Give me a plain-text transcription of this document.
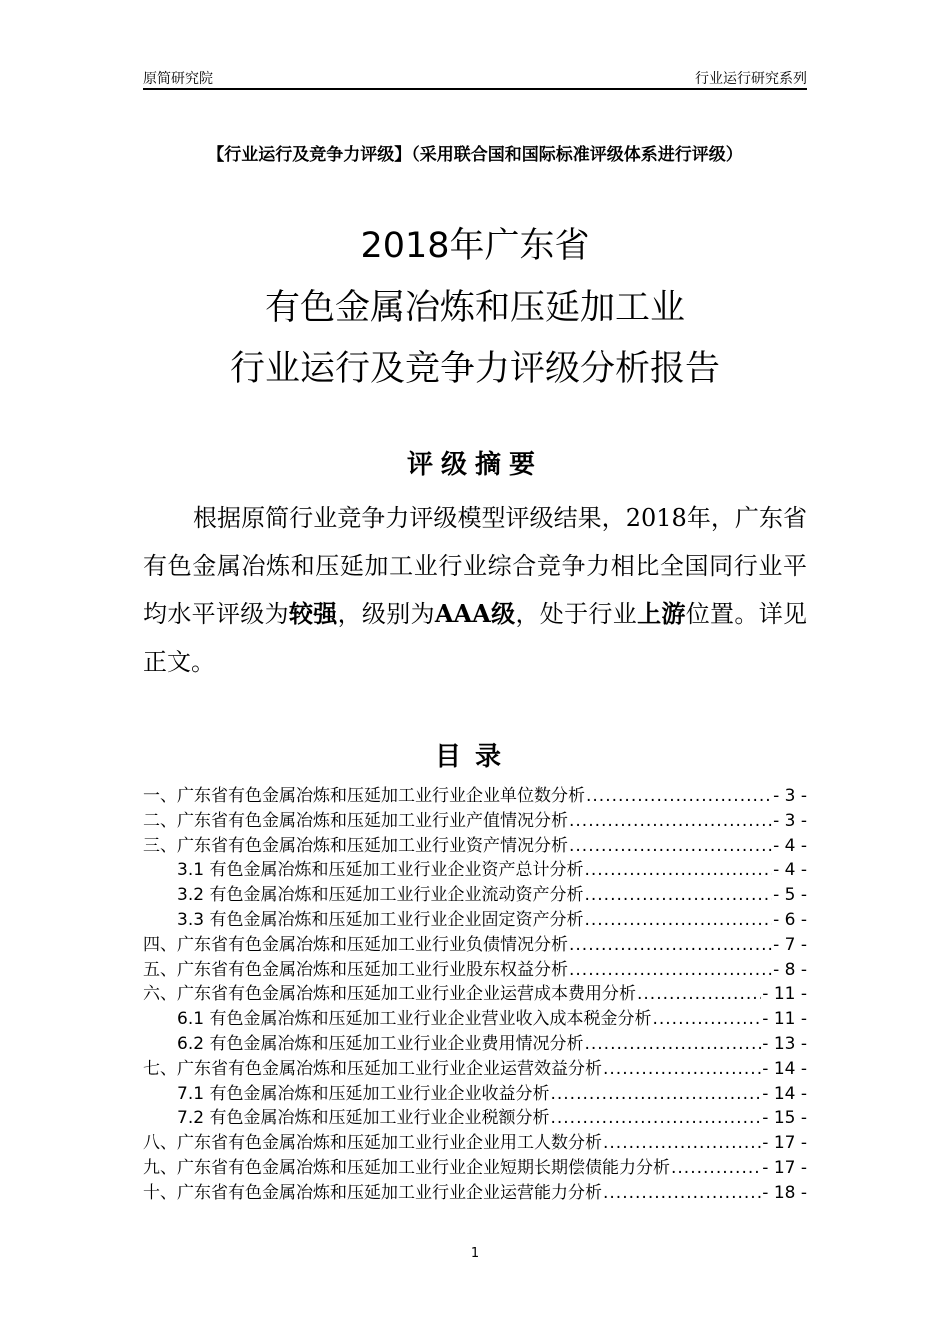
原简研究院	行业运行研究系列
【行业运行及竞争力评级】（采用联合国和国际标准评级体系进行评级）
2018年广东省
有色金属冶炼和压延加工业
行业运行及竞争力评级分析报告
评级摘要
根据原简行业竞争力评级模型评级结果，2018年，广东省有色金属冶炼和压延加工业行业综合竞争力相比全国同行业平均水平评级为较强，级别为AAA级，处于行业上游位置。详见正文。
目录
一、广东省有色金属冶炼和压延加工业行业企业单位数分析 .....	- 3 -
二、广东省有色金属冶炼和压延加工业行业产值情况分析 .....	- 3 -
三、广东省有色金属冶炼和压延加工业行业资产情况分析 .....	- 4 -
3.1 有色金属冶炼和压延加工业行业企业资产总计分析 .....	- 4 -
3.2 有色金属冶炼和压延加工业行业企业流动资产分析 .....	- 5 -
3.3 有色金属冶炼和压延加工业行业企业固定资产分析 .....	- 6 -
四、广东省有色金属冶炼和压延加工业行业负债情况分析 .....	- 7 -
五、广东省有色金属冶炼和压延加工业行业股东权益分析 .....	- 8 -
六、广东省有色金属冶炼和压延加工业行业企业运营成本费用分析 .....	- 11 -
6.1 有色金属冶炼和压延加工业行业企业营业收入成本税金分析 .....	- 11 -
6.2 有色金属冶炼和压延加工业行业企业费用情况分析 .....	- 13 -
七、广东省有色金属冶炼和压延加工业行业企业运营效益分析 .....	- 14 -
7.1 有色金属冶炼和压延加工业行业企业收益分析 .....	- 14 -
7.2 有色金属冶炼和压延加工业行业企业税额分析 .....	- 15 -
八、广东省有色金属冶炼和压延加工业行业企业用工人数分析 .....	- 17 -
九、广东省有色金属冶炼和压延加工业行业企业短期长期偿债能力分析 .....	- 17 -
十、广东省有色金属冶炼和压延加工业行业企业运营能力分析 .....	- 18 -
1
